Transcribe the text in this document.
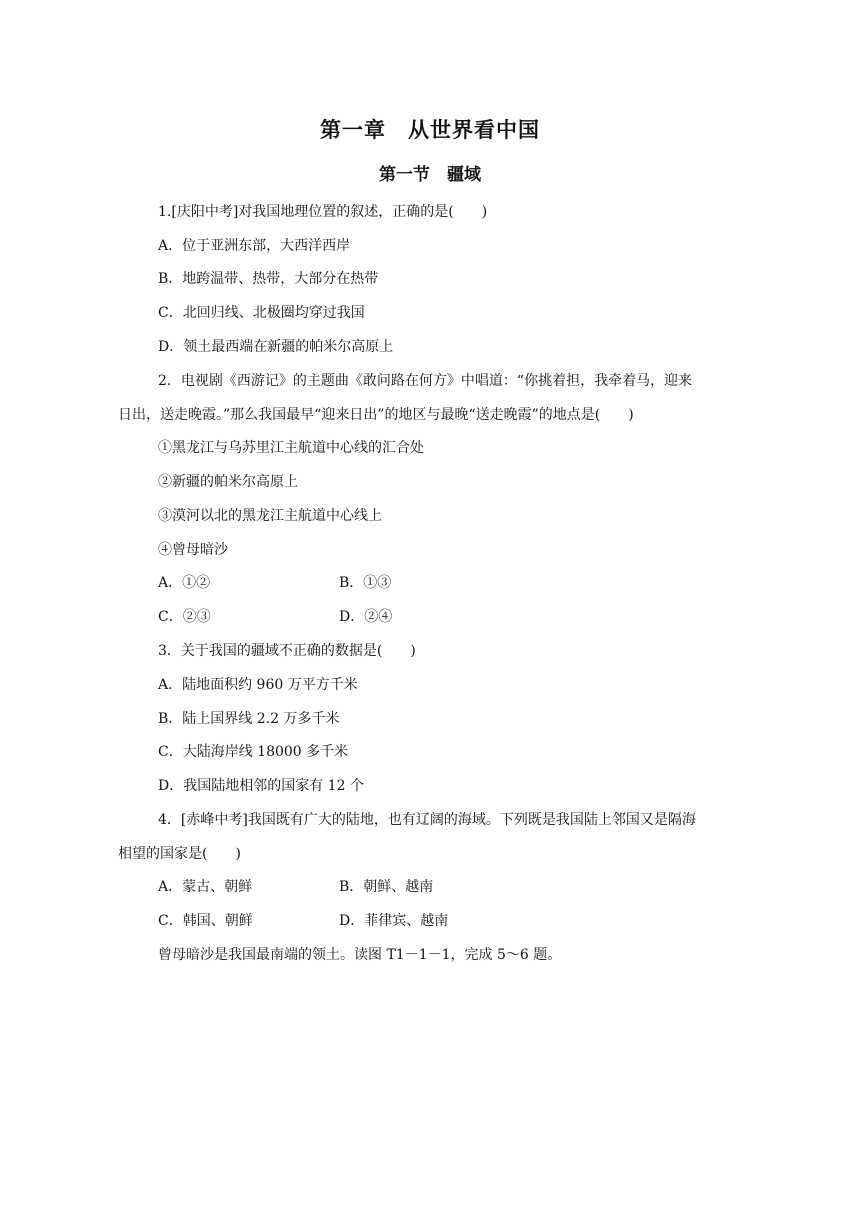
第一章　从世界看中国
第一节　疆域
1.[庆阳中考]对我国地理位置的叙述，正确的是(　　)
A．位于亚洲东部，大西洋西岸
B．地跨温带、热带，大部分在热带
C．北回归线、北极圈均穿过我国
D．领土最西端在新疆的帕米尔高原上
2．电视剧《西游记》的主题曲《敢问路在何方》中唱道：“你挑着担，我牵着马，迎来
日出，送走晚霞。”那么我国最早“迎来日出”的地区与最晚“送走晚霞”的地点是(　　)
①黑龙江与乌苏里江主航道中心线的汇合处
②新疆的帕米尔高原上
③漠河以北的黑龙江主航道中心线上
④曾母暗沙
A．①②	B．①③
C．②③	D．②④
3．关于我国的疆域不正确的数据是(　　)
A．陆地面积约 960 万平方千米
B．陆上国界线 2.2 万多千米
C．大陆海岸线 18000 多千米
D．我国陆地相邻的国家有 12 个
4．[赤峰中考]我国既有广大的陆地，也有辽阔的海域。下列既是我国陆上邻国又是隔海
相望的国家是(　　)
A．蒙古、朝鲜	B．朝鲜、越南
C．韩国、朝鲜	D．菲律宾、越南
曾母暗沙是我国最南端的领土。读图 T1－1－1，完成 5～6 题。
